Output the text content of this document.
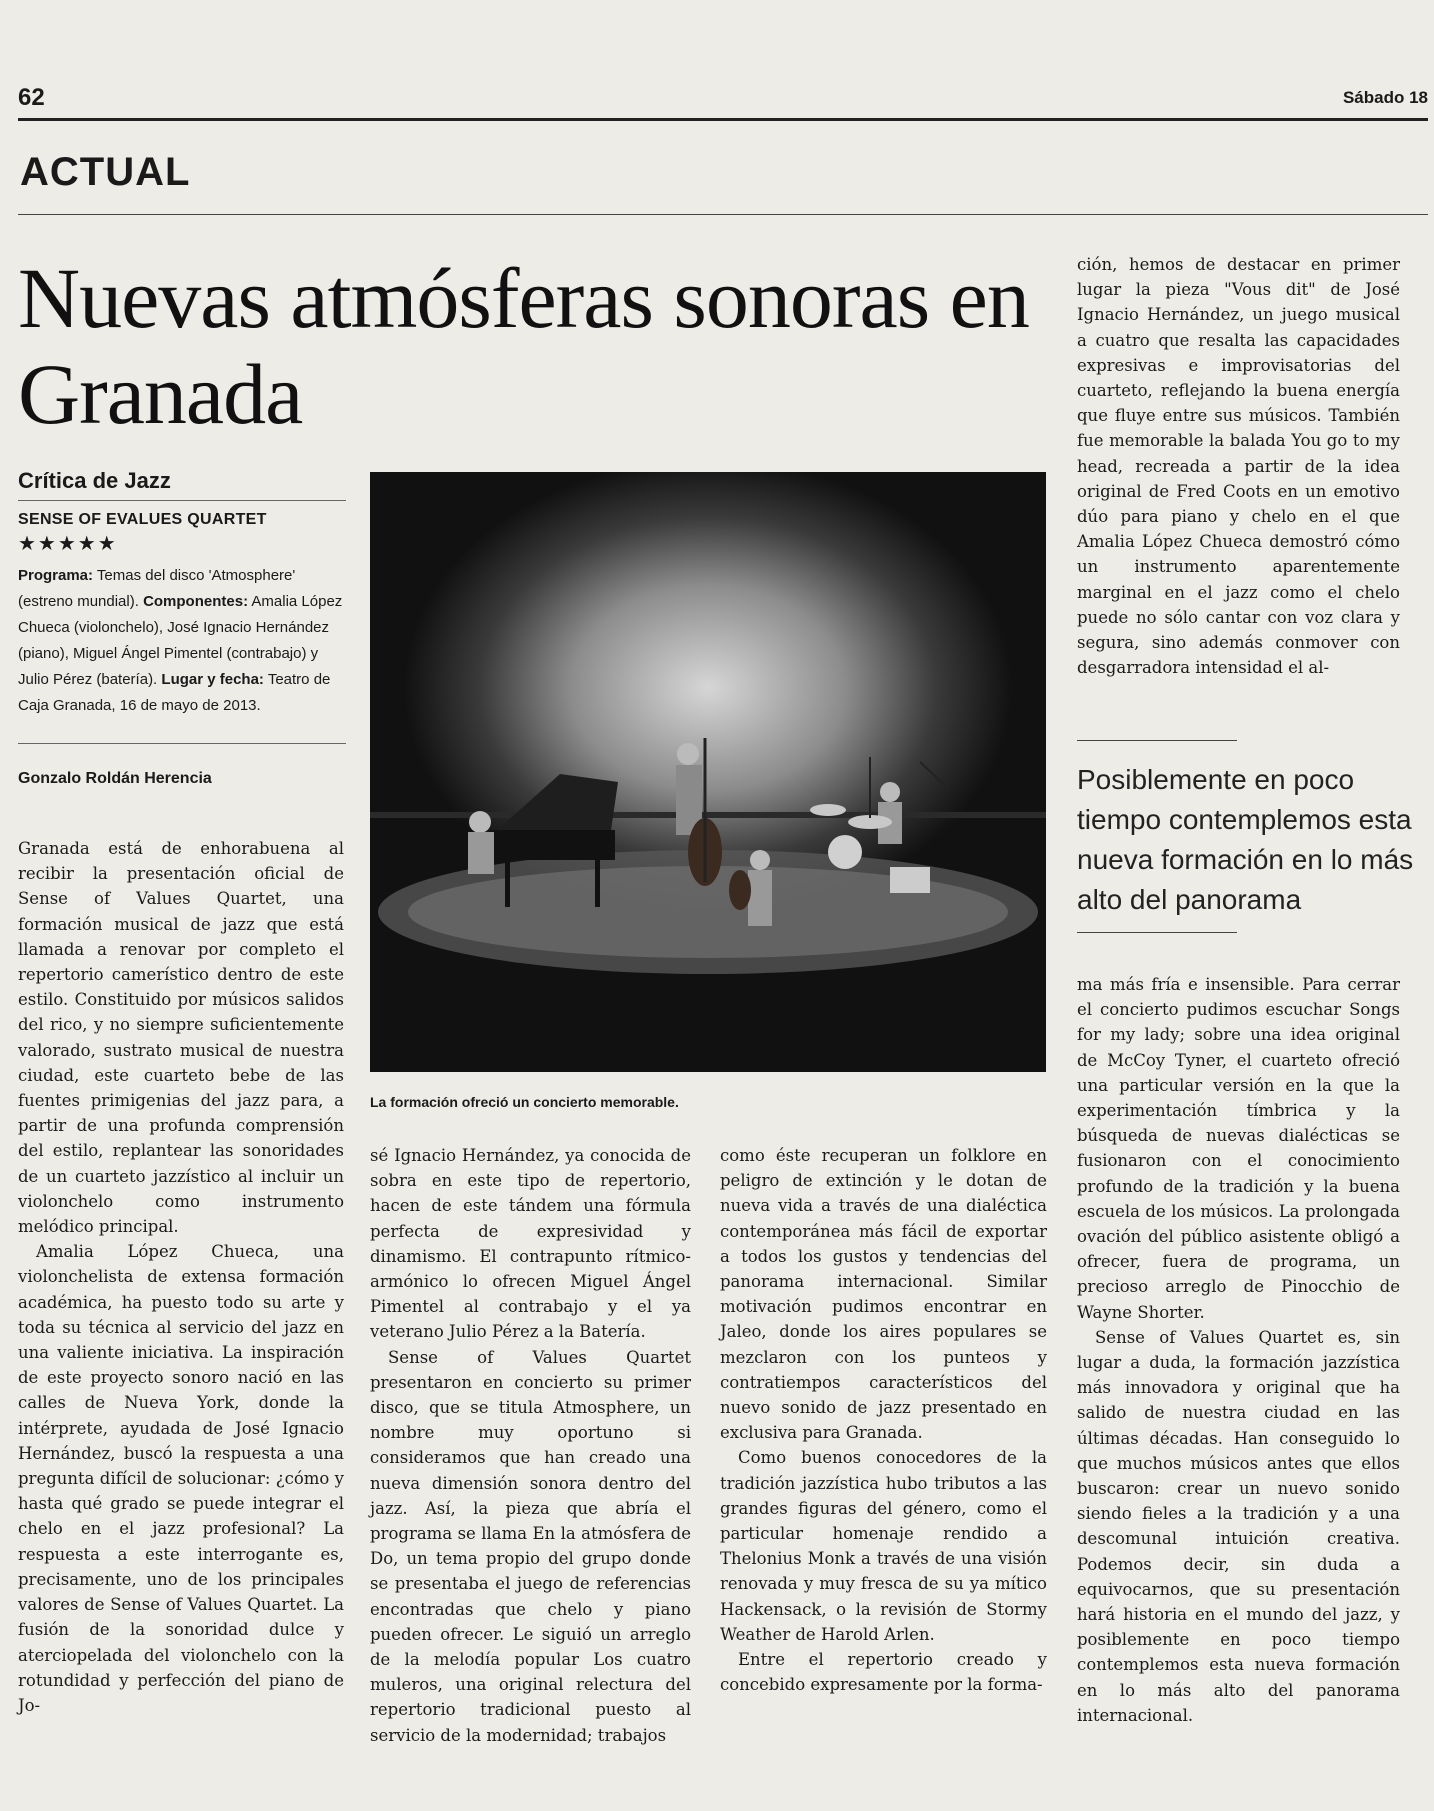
62	Sábado 18
ACTUAL
Nuevas atmósferas sonoras en Granada
Crítica de Jazz
SENSE OF EVALUES QUARTET
★★★★★
Programa: Temas del disco 'Atmosphere' (estreno mundial). Componentes: Amalia López Chueca (violonchelo), José Ignacio Hernández (piano), Miguel Ángel Pimentel (contrabajo) y Julio Pérez (batería). Lugar y fecha: Teatro de Caja Granada, 16 de mayo de 2013.
Gonzalo Roldán Herencia

Granada está de enhorabuena al recibir la presentación oficial de Sense of Values Quartet, una formación musical de jazz que está llamada a renovar por completo el repertorio camerístico dentro de este estilo. Constituido por músicos salidos del rico, y no siempre suficientemente valorado, sustrato musical de nuestra ciudad, este cuarteto bebe de las fuentes primigenias del jazz para, a partir de una profunda comprensión del estilo, replantear las sonoridades de un cuarteto jazzístico al incluir un violonchelo como instrumento melódico principal.

Amalia López Chueca, una violonchelista de extensa formación académica, ha puesto todo su arte y toda su técnica al servicio del jazz en una valiente iniciativa. La inspiración de este proyecto sonoro nació en las calles de Nueva York, donde la intérprete, ayudada de José Ignacio Hernández, buscó la respuesta a una pregunta difícil de solucionar: ¿cómo y hasta qué grado se puede integrar el chelo en el jazz profesional? La respuesta a este interrogante es, precisamente, uno de los principales valores de Sense of Values Quartet. La fusión de la sonoridad dulce y aterciopelada del violonchelo con la rotundidad y perfección del piano de Jo-

La formación ofreció un concierto memorable.

sé Ignacio Hernández, ya conocida de sobra en este tipo de repertorio, hacen de este tándem una fórmula perfecta de expresividad y dinamismo. El contrapunto rítmico-armónico lo ofrecen Miguel Ángel Pimentel al contrabajo y el ya veterano Julio Pérez a la Batería.

Sense of Values Quartet presentaron en concierto su primer disco, que se titula Atmosphere, un nombre muy oportuno si consideramos que han creado una nueva dimensión sonora dentro del jazz. Así, la pieza que abría el programa se llama En la atmósfera de Do, un tema propio del grupo donde se presentaba el juego de referencias encontradas que chelo y piano pueden ofrecer. Le siguió un arreglo de la melodía popular Los cuatro muleros, una original relectura del repertorio tradicional puesto al servicio de la modernidad; trabajos

como éste recuperan un folklore en peligro de extinción y le dotan de nueva vida a través de una dialéctica contemporánea más fácil de exportar a todos los gustos y tendencias del panorama internacional. Similar motivación pudimos encontrar en Jaleo, donde los aires populares se mezclaron con los punteos y contratiempos característicos del nuevo sonido de jazz presentado en exclusiva para Granada.

Como buenos conocedores de la tradición jazzística hubo tributos a las grandes figuras del género, como el particular homenaje rendido a Thelonius Monk a través de una visión renovada y muy fresca de su ya mítico Hackensack, o la revisión de Stormy Weather de Harold Arlen.

Entre el repertorio creado y concebido expresamente por la forma-

ción, hemos de destacar en primer lugar la pieza "Vous dit" de José Ignacio Hernández, un juego musical a cuatro que resalta las capacidades expresivas e improvisatorias del cuarteto, reflejando la buena energía que fluye entre sus músicos. También fue memorable la balada You go to my head, recreada a partir de la idea original de Fred Coots en un emotivo dúo para piano y chelo en el que Amalia López Chueca demostró cómo un instrumento aparentemente marginal en el jazz como el chelo puede no sólo cantar con voz clara y segura, sino además conmover con desgarradora intensidad el al-

Posiblemente en poco tiempo contemplemos esta nueva formación en lo más alto del panorama

ma más fría e insensible. Para cerrar el concierto pudimos escuchar Songs for my lady; sobre una idea original de McCoy Tyner, el cuarteto ofreció una particular versión en la que la experimentación tímbrica y la búsqueda de nuevas dialécticas se fusionaron con el conocimiento profundo de la tradición y la buena escuela de los músicos. La prolongada ovación del público asistente obligó a ofrecer, fuera de programa, un precioso arreglo de Pinocchio de Wayne Shorter.

Sense of Values Quartet es, sin lugar a duda, la formación jazzística más innovadora y original que ha salido de nuestra ciudad en las últimas décadas. Han conseguido lo que muchos músicos antes que ellos buscaron: crear un nuevo sonido siendo fieles a la tradición y a una descomunal intuición creativa. Podemos decir, sin duda a equivocarnos, que su presentación hará historia en el mundo del jazz, y posiblemente en poco tiempo contemplemos esta nueva formación en lo más alto del panorama internacional.
